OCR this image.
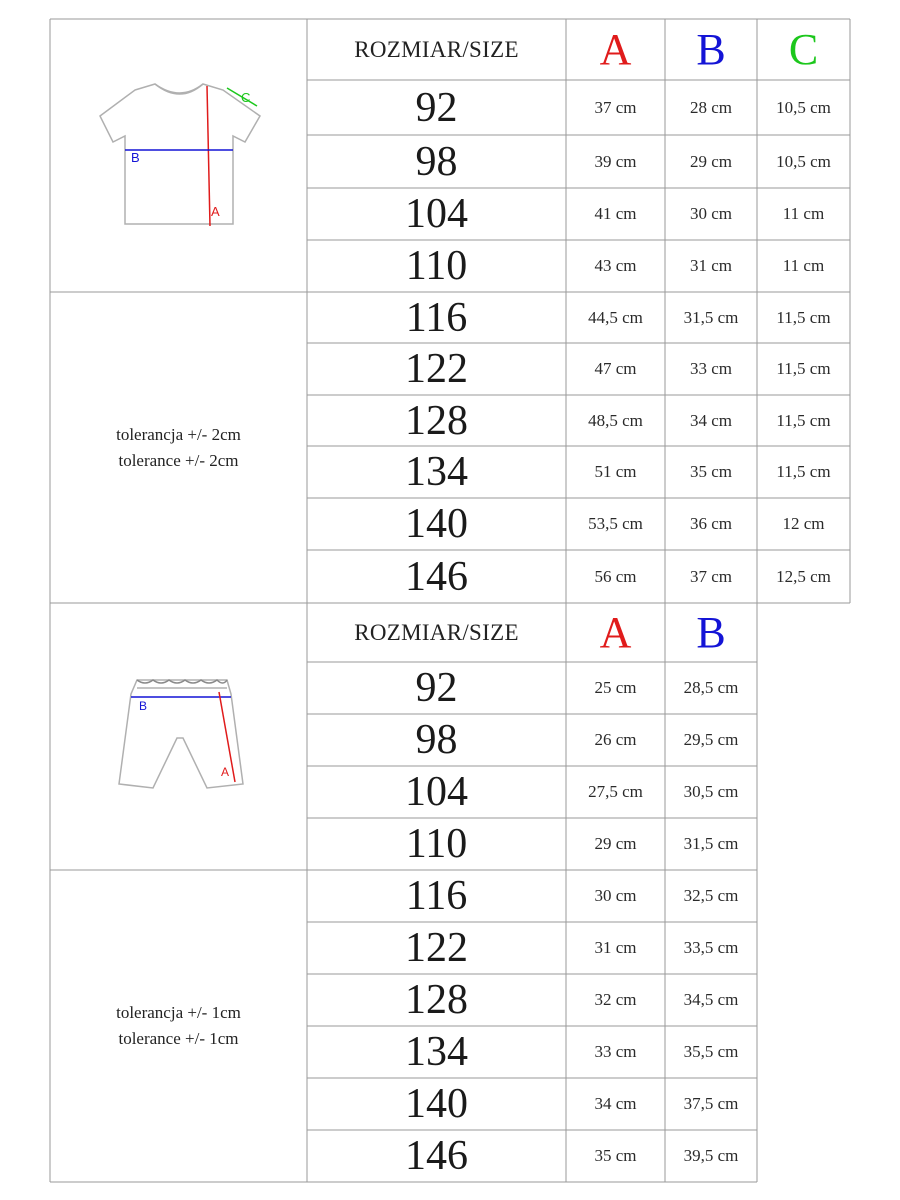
A
B
C
tolerancja +/- 2cm
tolerance +/- 2cm
ROZMIAR/SIZE	A	B	C
92	37 cm	28 cm	10,5 cm
98	39 cm	29 cm	10,5 cm
104	41 cm	30 cm	11 cm
110	43 cm	31 cm	11 cm
116	44,5 cm	31,5 cm	11,5 cm
122	47 cm	33 cm	11,5 cm
128	48,5 cm	34 cm	11,5 cm
134	51 cm	35 cm	11,5 cm
140	53,5 cm	36 cm	12 cm
146	56 cm	37 cm	12,5 cm
B
A
tolerancja +/- 1cm
tolerance +/- 1cm
ROZMIAR/SIZE	A	B
92	25 cm	28,5 cm
98	26 cm	29,5 cm
104	27,5 cm	30,5 cm
110	29 cm	31,5 cm
116	30 cm	32,5 cm
122	31 cm	33,5 cm
128	32 cm	34,5 cm
134	33 cm	35,5 cm
140	34 cm	37,5 cm
146	35 cm	39,5 cm
